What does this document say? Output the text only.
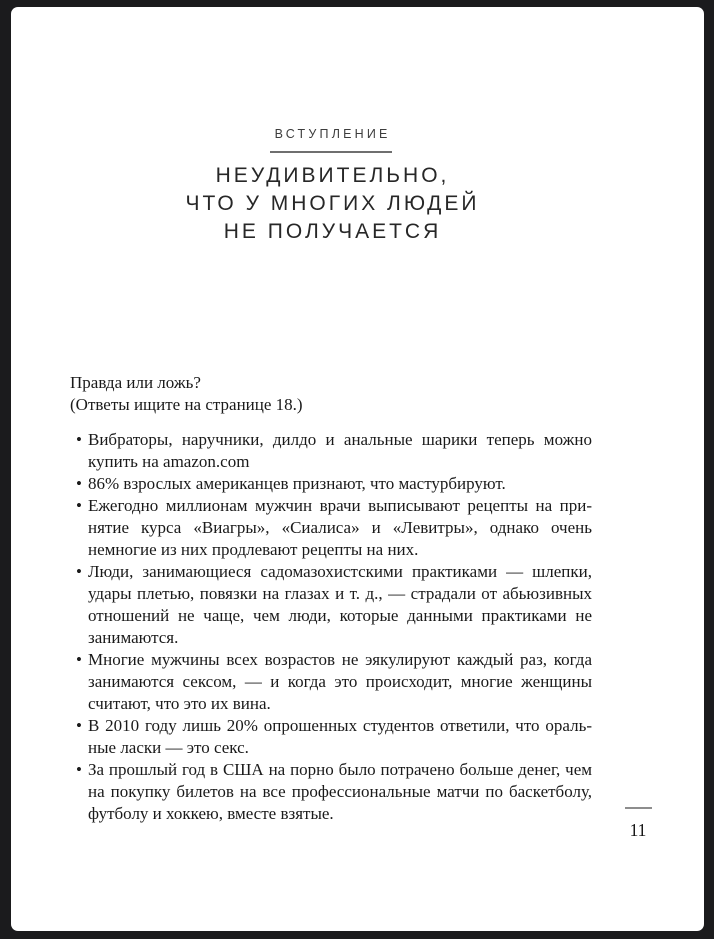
ВСТУПЛЕНИЕ
НЕУДИВИТЕЛЬНО,
ЧТО У МНОГИХ ЛЮДЕЙ
НЕ ПОЛУЧАЕТСЯ

Правда или ложь?

(Ответы ищите на странице 18.)

• Вибраторы, наручники, дилдо и анальные шарики теперь можно купить на amazon.com
• 86% взрослых американцев признают, что мастурбируют.
• Ежегодно миллионам мужчин врачи выписывают рецепты на принятие курса «Виагры», «Сиалиса» и «Левитры», однако очень немногие из них продлевают рецепты на них.
• Люди, занимающиеся садомазохистскими практиками — шлепки, удары плетью, повязки на глазах и т. д., — страдали от абьюзивных отношений не чаще, чем люди, которые данными практиками не занимаются.
• Многие мужчины всех возрастов не эякулируют каждый раз, когда занимаются сексом, — и когда это происходит, многие женщины считают, что это их вина.
• В 2010 году лишь 20% опрошенных студентов ответили, что оральные ласки — это секс.
• За прошлый год в США на порно было потрачено больше денег, чем на покупку билетов на все профессиональные матчи по баскетболу, футболу и хоккею, вместе взятые.
11
